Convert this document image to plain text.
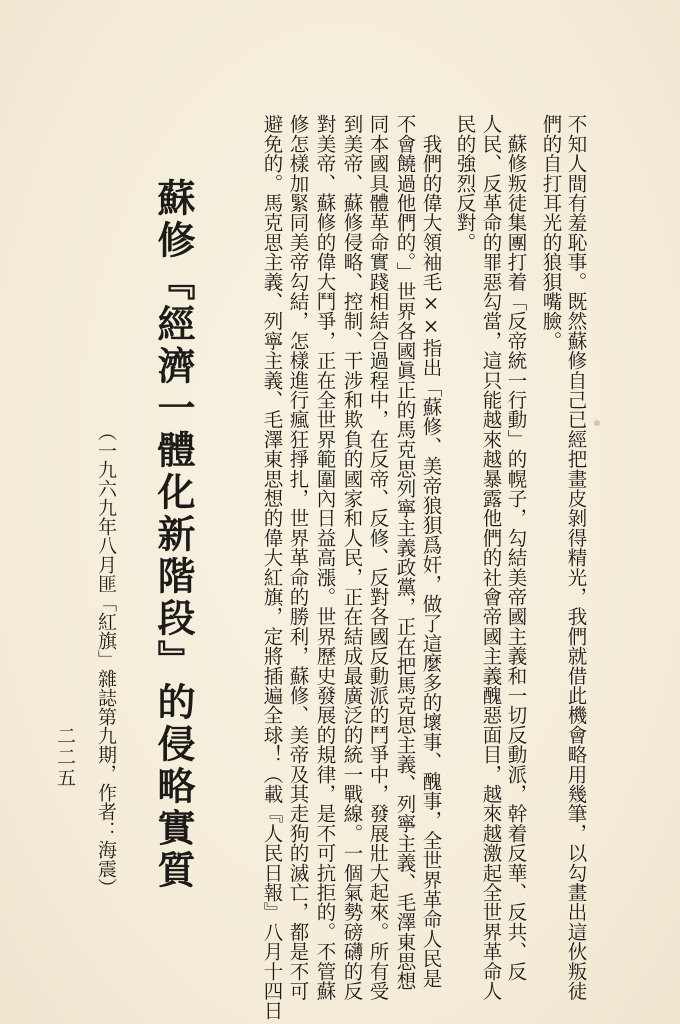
不知人間有羞恥事。既然蘇修自己已經把畫皮剝得精光，我們就借此機會略用幾筆，以勾畫出這伙叛徒
們的自打耳光的狼狽嘴臉。
　蘇修叛徒集團打着「反帝統一行動」的幌子，勾結美帝國主義和一切反動派，幹着反華、反共、反
人民、反革命的罪惡勾當，這只能越來越暴露他們的社會帝國主義醜惡面目，越來越激起全世界革命人
民的強烈反對。
　我們的偉大領袖毛××指出「蘇修、美帝狼狽爲奸，做了這麼多的壞事、醜事，全世界革命人民是
不會饒過他們的。」世界各國眞正的馬克思列寧主義政黨，正在把馬克思主義、列寧主義、毛澤東思想
同本國具體革命實踐相結合過程中，在反帝、反修、反對各國反動派的鬥爭中，發展壯大起來。所有受
到美帝、蘇修侵略、控制、干涉和欺負的國家和人民，正在結成最廣泛的統一戰線。一個氣勢磅礴的反
對美帝、蘇修的偉大鬥爭，正在全世界範圍內日益高漲。世界歷史發展的規律，是不可抗拒的。不管蘇
修怎樣加緊同美帝勾結，怎樣進行瘋狂掙扎，世界革命的勝利，蘇修、美帝及其走狗的滅亡，都是不可
避免的。馬克思主義、列寧主義、毛澤東思想的偉大紅旗，定將插遍全球！（載『人民日報』八月十四日
蘇修『經濟一體化新階段』的侵略實質
（一九六九年八月匪「紅旗」雜誌第九期，作者：海震）
二二五
